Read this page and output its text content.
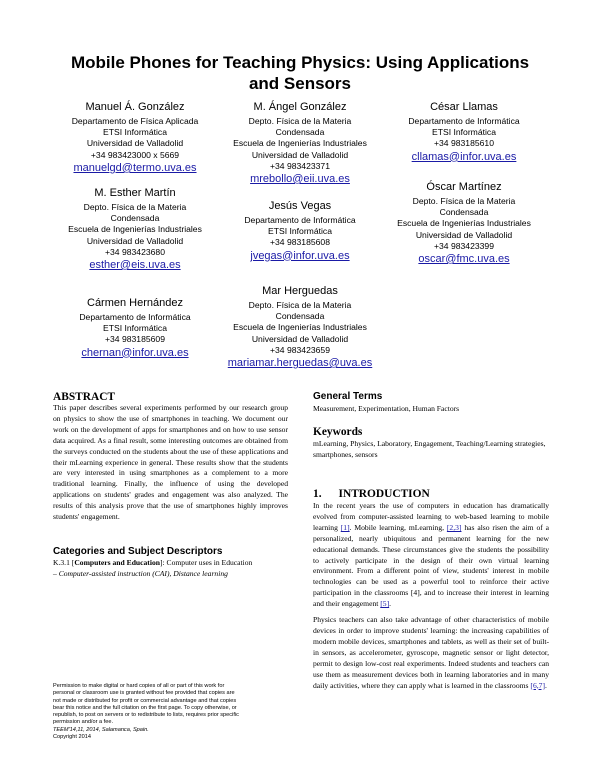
Mobile Phones for Teaching Physics: Using Applications
and Sensors
Manuel Á. González
Departamento de Física Aplicada
ETSI Informática
Universidad de Valladolid
+34 983423000 x 5669
manuelgd@termo.uva.es
M. Ángel González
Depto. Física de la Materia
Condensada
Escuela de Ingenierías Industriales
Universidad de Valladolid
+34 983423371
mrebollo@eii.uva.es
César Llamas
Departamento de Informática
ETSI Informática
+34 983185610
cllamas@infor.uva.es
M. Esther Martín
Depto. Física de la Materia
Condensada
Escuela de Ingenierías Industriales
Universidad de Valladolid
+34 983423680
esther@eis.uva.es
Jesús Vegas
Departamento de Informática
ETSI Informática
+34 983185608
jvegas@infor.uva.es
Óscar Martínez
Depto. Física de la Materia
Condensada
Escuela de Ingenierías Industriales
Universidad de Valladolid
+34 983423399
oscar@fmc.uva.es
Cármen Hernández
Departamento de Informática
ETSI Informática
+34 983185609
chernan@infor.uva.es
Mar Herguedas
Depto. Física de la Materia
Condensada
Escuela de Ingenierías Industriales
Universidad de Valladolid
+34 983423659
mariamar.herguedas@uva.es
ABSTRACT

This paper describes several experiments performed by our research group on physics to show the use of smartphones in teaching. We document our work on the development of apps for smartphones and on how to use sensor data acquired. As a final result, some interesting outcomes are obtained from the surveys conducted on the students about the use of these applications and their mLearning experience in general. These results show that the students are very interested in using smartphones as a complement to a more traditional learning. Finally, the influence of using the developed applications on students' grades and engagement was also analyzed. The results of this analysis prove that the use of smartphones highly improves students' engagement.

Categories and Subject Descriptors
K.3.1 [Computers and Education]: Computer uses in Education
– Computer-assisted instruction (CAI), Distance learning
Permission to make digital or hard copies of all or part of this work for
personal or classroom use is granted without fee provided that copies are
not made or distributed for profit or commercial advantage and that copies
bear this notice and the full citation on the first page. To copy otherwise, or
republish, to post on servers or to redistribute to lists, requires prior specific
permission and/or a fee.
TEEM'14,11, 2014, Salamanca, Spain.
Copyright 2014
General Terms
Measurement, Experimentation, Human Factors
Keywords
mLearning, Physics, Laboratory, Engagement, Teaching/Learning strategies, smartphones, sensors
1. INTRODUCTION

In the recent years the use of computers in education has dramatically evolved from computer-assisted learning to web-based learning to mobile learning [1]. Mobile learning, mLearning, [2,3] has also risen the aim of a personalized, nearly ubiquitous and permanent learning for the new educational demands. These circumstances give the students the possibility to actively participate in the design of their own virtual learning environment. From a different point of view, students' interest in mobile technologies can be used as a powerful tool to reinforce their active participation in the classrooms [4], and to increase their interest in learning and their engagement [5].

Physics teachers can also take advantage of other characteristics of mobile devices in order to improve students' learning: the increasing capabilities of modern mobile devices, smartphones and tablets, as well as their set of built-in sensors, as accelerometer, gyroscope, magnetic sensor or light detector, permit to design low-cost real experiments. Indeed students and teachers can use them as measurement devices both in learning laboratories and in many daily activities, where they can apply what is learned in the classrooms [6,7].
